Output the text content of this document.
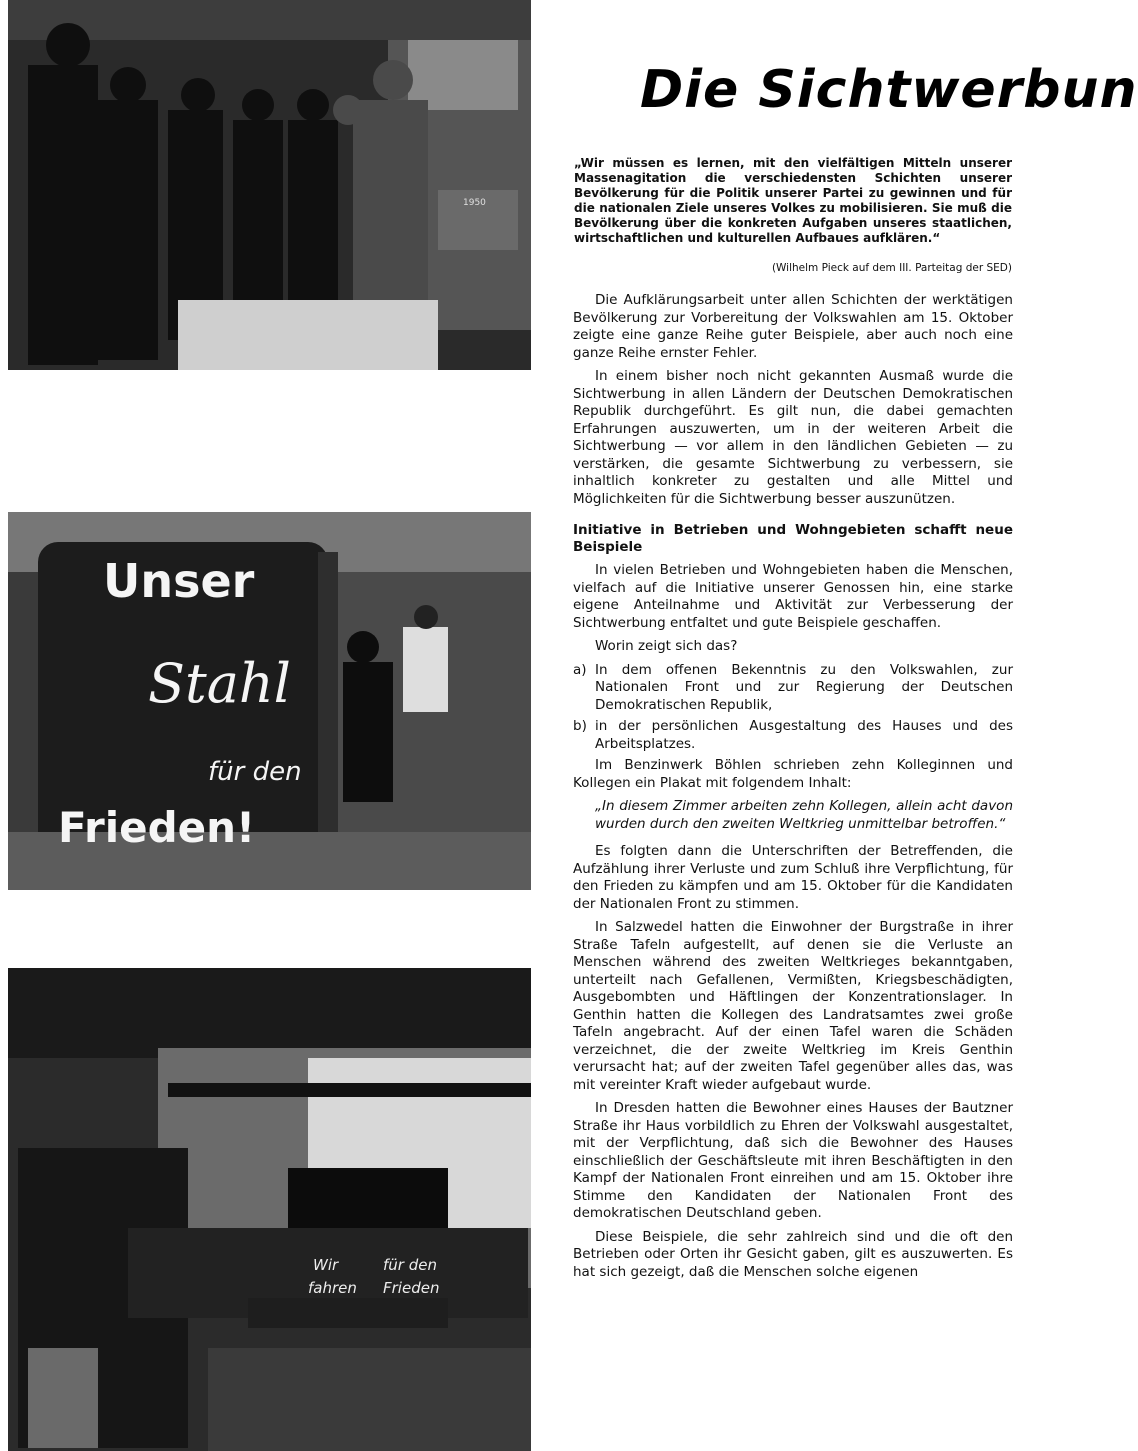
1950
Unser
Stahl
für den
Frieden!
Wir	für den
fahren Frieden
Die Sichtwerbun

„Wir müssen es lernen, mit den vielfältigen Mitteln unserer Massenagitation die verschiedensten Schichten unserer Bevölkerung für die Politik unserer Partei zu gewinnen und für die nationalen Ziele unseres Volkes zu mobilisieren. Sie muß die Bevölkerung über die konkreten Aufgaben unseres staatlichen, wirtschaftlichen und kulturellen Aufbaues aufklären.“

(Wilhelm Pieck auf dem III. Parteitag der SED)

Die Aufklärungsarbeit unter allen Schichten der werktätigen Bevölkerung zur Vorbereitung der Volkswahlen am 15. Oktober zeigte eine ganze Reihe guter Beispiele, aber auch noch eine ganze Reihe ernster Fehler.

In einem bisher noch nicht gekannten Ausmaß wurde die Sichtwerbung in allen Ländern der Deutschen Demokratischen Republik durchgeführt. Es gilt nun, die dabei gemachten Erfahrungen auszuwerten, um in der weiteren Arbeit die Sichtwerbung — vor allem in den ländlichen Gebieten — zu verstärken, die gesamte Sichtwerbung zu verbessern, sie inhaltlich konkreter zu gestalten und alle Mittel und Möglichkeiten für die Sichtwerbung besser auszunützen.

Initiative in Betrieben und Wohngebieten schafft neue Beispiele

In vielen Betrieben und Wohngebieten haben die Menschen, vielfach auf die Initiative unserer Genossen hin, eine starke eigene Anteilnahme und Aktivität zur Verbesserung der Sichtwerbung entfaltet und gute Beispiele geschaffen.

Worin zeigt sich das?

a) In dem offenen Bekenntnis zu den Volkswahlen, zur Nationalen Front und zur Regierung der Deutschen Demokratischen Republik,

b) in der persönlichen Ausgestaltung des Hauses und des Arbeitsplatzes.

Im Benzinwerk Böhlen schrieben zehn Kolleginnen und Kollegen ein Plakat mit folgendem Inhalt:

„In diesem Zimmer arbeiten zehn Kollegen, allein acht davon wurden durch den zweiten Weltkrieg unmittelbar betroffen.“

Es folgten dann die Unterschriften der Betreffenden, die Aufzählung ihrer Verluste und zum Schluß ihre Verpflichtung, für den Frieden zu kämpfen und am 15. Oktober für die Kandidaten der Nationalen Front zu stimmen.

In Salzwedel hatten die Einwohner der Burgstraße in ihrer Straße Tafeln aufgestellt, auf denen sie die Verluste an Menschen während des zweiten Weltkrieges bekanntgaben, unterteilt nach Gefallenen, Vermißten, Kriegsbeschädigten, Ausgebombten und Häftlingen der Konzentrationslager. In Genthin hatten die Kollegen des Landratsamtes zwei große Tafeln angebracht. Auf der einen Tafel waren die Schäden verzeichnet, die der zweite Weltkrieg im Kreis Genthin verursacht hat; auf der zweiten Tafel gegenüber alles das, was mit vereinter Kraft wieder aufgebaut wurde.

In Dresden hatten die Bewohner eines Hauses der Bautzner Straße ihr Haus vorbildlich zu Ehren der Volkswahl ausgestaltet, mit der Verpflichtung, daß sich die Bewohner des Hauses einschließlich der Geschäftsleute mit ihren Beschäftigten in den Kampf der Nationalen Front einreihen und am 15. Oktober ihre Stimme den Kandidaten der Nationalen Front des demokratischen Deutschland geben.

Diese Beispiele, die sehr zahlreich sind und die oft den Betrieben oder Orten ihr Gesicht gaben, gilt es auszuwerten. Es hat sich gezeigt, daß die Menschen solche eigenen
